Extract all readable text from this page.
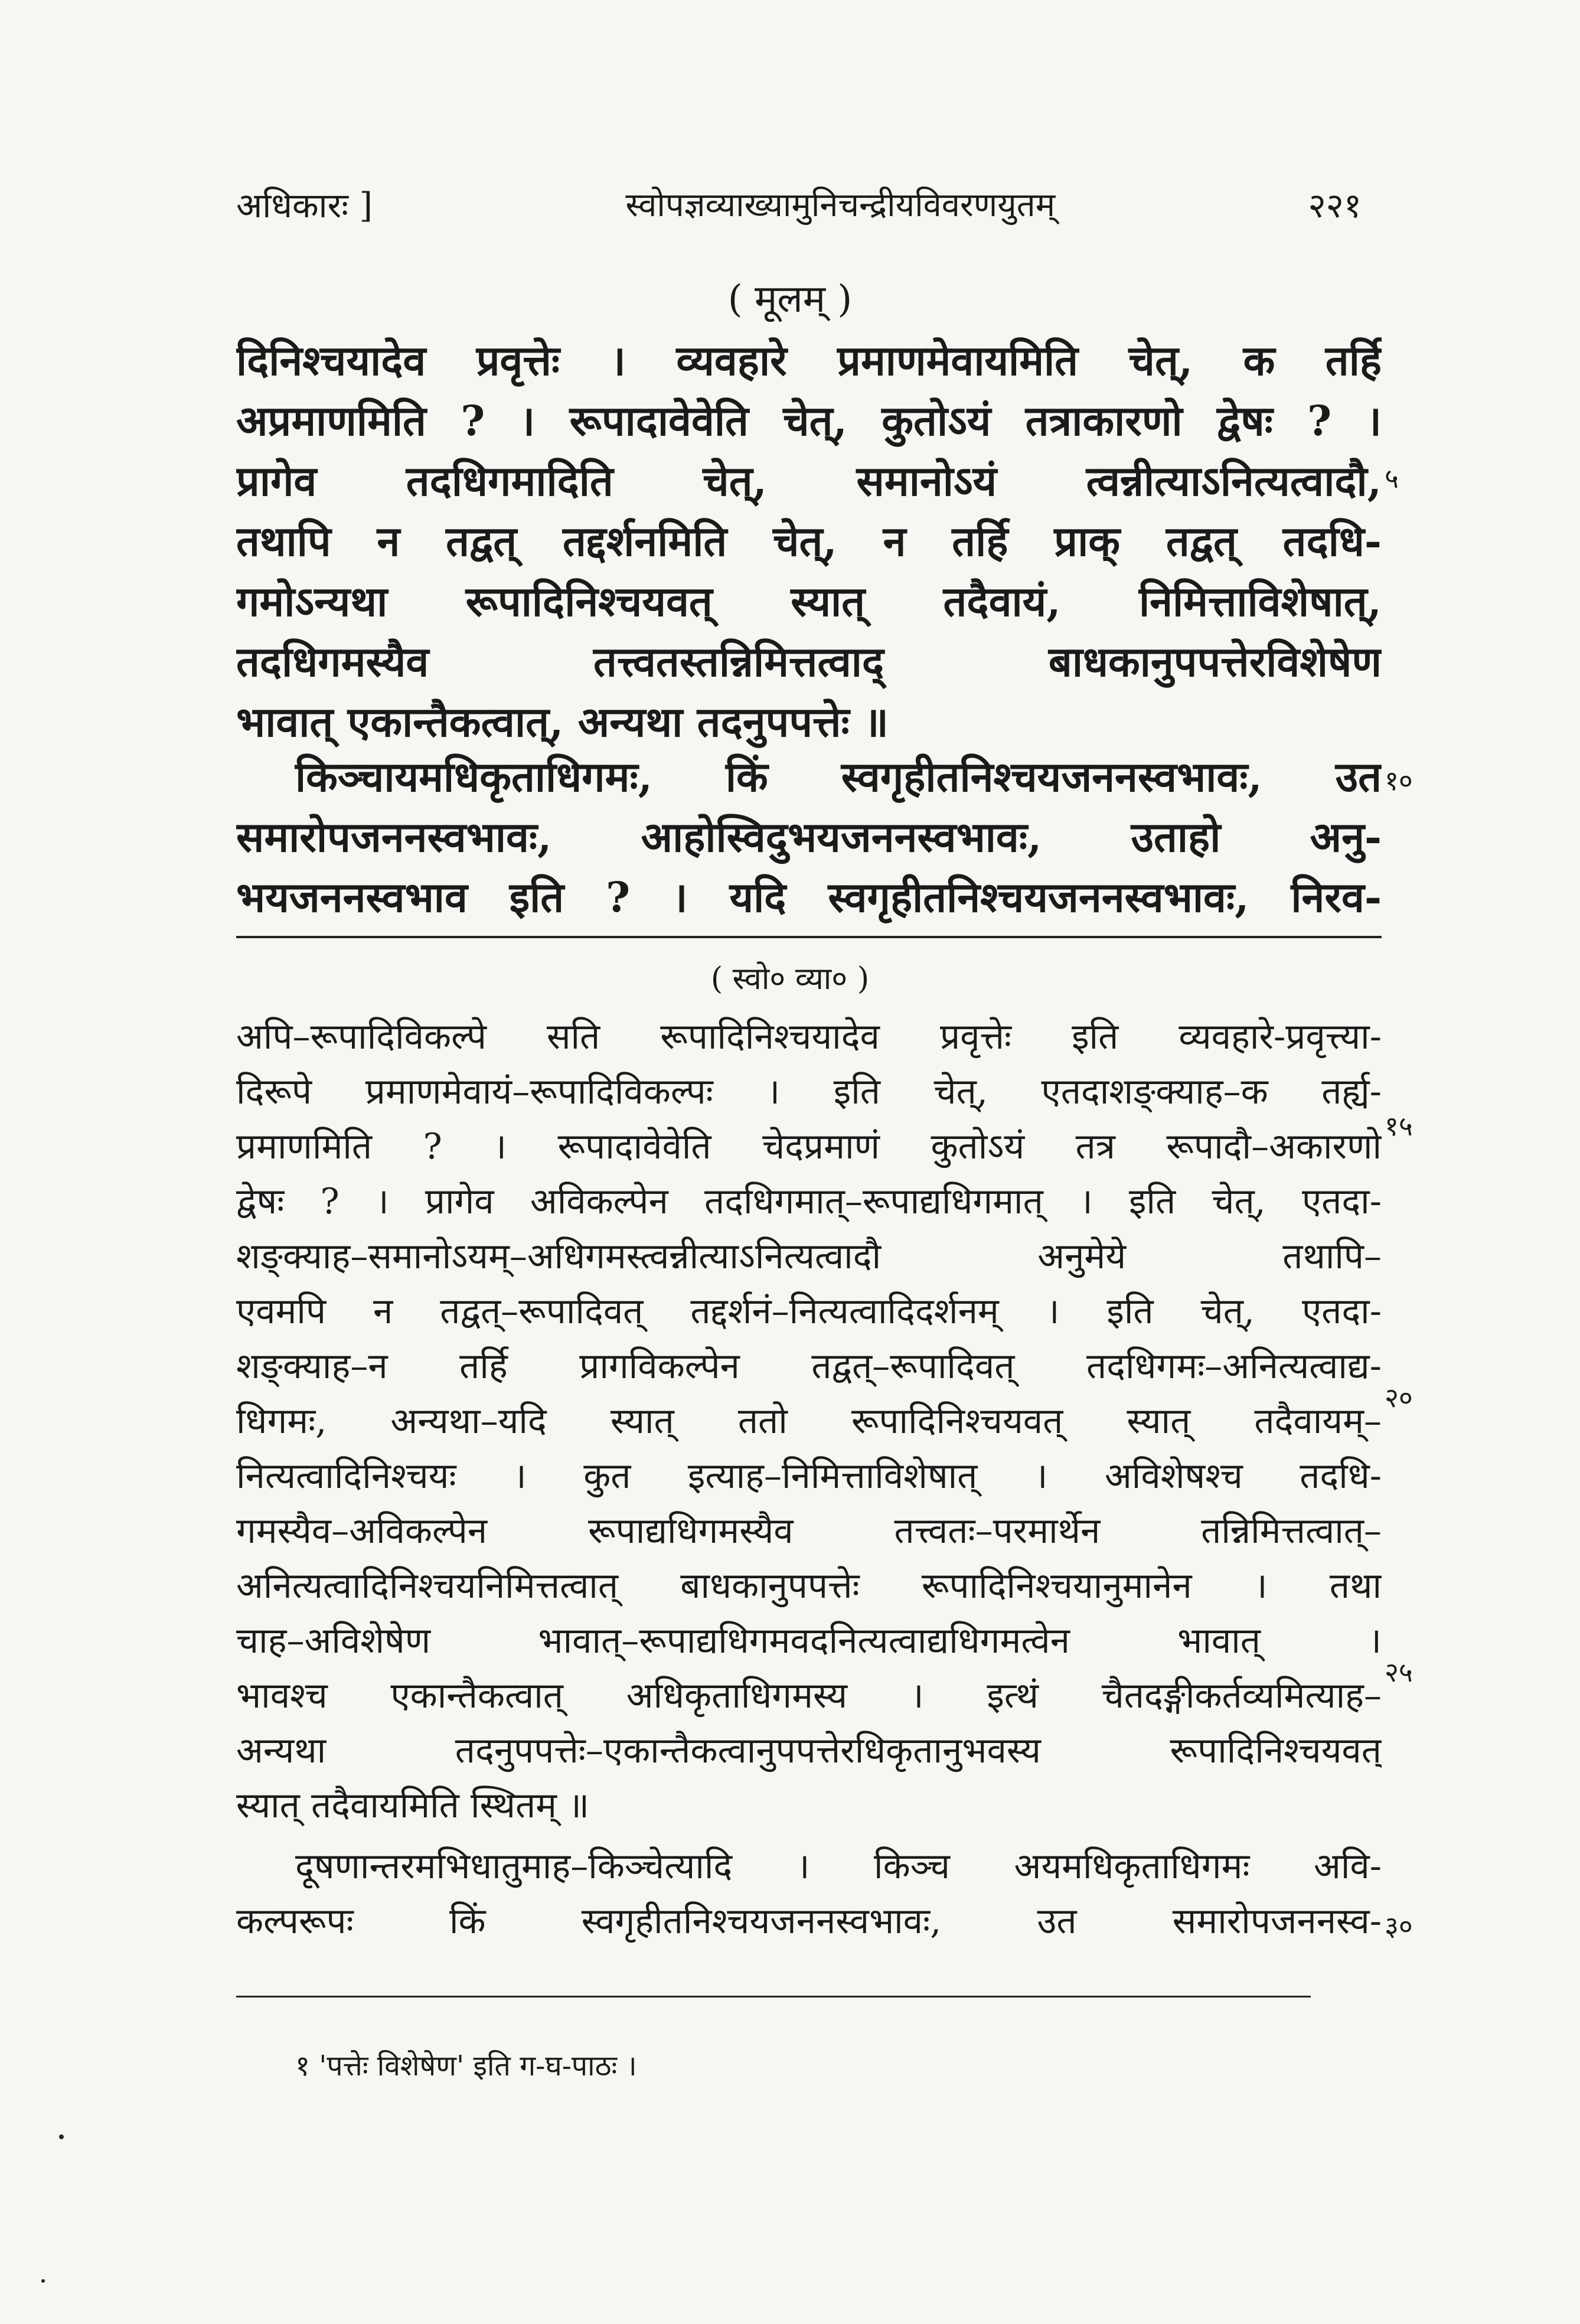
अधिकारः ]	स्वोपज्ञव्याख्यामुनिचन्द्रीयविवरणयुतम्	२२१
( मूलम् )
दिनिश्चयादेव प्रवृत्तेः । व्यवहारे प्रमाणमेवायमिति चेत्, क तर्हि
अप्रमाणमिति ? । रूपादावेवेति चेत्, कुतोऽयं तत्राकारणो द्वेषः ? ।
प्रागेव तदधिगमादिति चेत्, समानोऽयं त्वन्नीत्याऽनित्यत्वादौ,
तथापि न तद्वत् तद्दर्शनमिति चेत्, न तर्हि प्राक् तद्वत् तदधि-
गमोऽन्यथा रूपादिनिश्चयवत् स्यात् तदैवायं, निमित्ताविशेषात्,
तदधिगमस्यैव तत्त्वतस्तन्निमित्तत्वाद् बाधकानुपपत्तेरविशेषेण
भावात् एकान्तैकत्वात्, अन्यथा तदनुपपत्तेः ॥
किञ्चायमधिकृताधिगमः, किं स्वगृहीतनिश्चयजननस्वभावः, उत
समारोपजननस्वभावः, आहोस्विदुभयजननस्वभावः, उताहो अनु-
भयजननस्वभाव इति ? । यदि स्वगृहीतनिश्चयजननस्वभावः, निरव-
५
१०
( स्वो० व्या० )
अपि–रूपादिविकल्पे सति रूपादिनिश्चयादेव प्रवृत्तेः इति व्यवहारे-प्रवृत्त्या-
दिरूपे प्रमाणमेवायं–रूपादिविकल्पः । इति चेत्, एतदाशङ्क्याह–क तर्ह्य-
प्रमाणमिति ? । रूपादावेवेति चेदप्रमाणं कुतोऽयं तत्र रूपादौ–अकारणो
द्वेषः ? । प्रागेव अविकल्पेन तदधिगमात्–रूपाद्यधिगमात् । इति चेत्, एतदा-
शङ्क्याह–समानोऽयम्–अधिगमस्त्वन्नीत्याऽनित्यत्वादौ अनुमेये तथापि–
एवमपि न तद्वत्–रूपादिवत् तद्दर्शनं–नित्यत्वादिदर्शनम् । इति चेत्, एतदा-
शङ्क्याह–न तर्हि प्रागविकल्पेन तद्वत्–रूपादिवत् तदधिगमः–अनित्यत्वाद्य-
धिगमः, अन्यथा–यदि स्यात् ततो रूपादिनिश्चयवत् स्यात् तदैवायम्–
नित्यत्वादिनिश्चयः । कुत इत्याह–निमित्ताविशेषात् । अविशेषश्च तदधि-
गमस्यैव–अविकल्पेन रूपाद्यधिगमस्यैव तत्त्वतः–परमार्थेन तन्निमित्तत्वात्–
अनित्यत्वादिनिश्चयनिमित्तत्वात् बाधकानुपपत्तेः रूपादिनिश्चयानुमानेन । तथा
चाह–अविशेषेण भावात्–रूपाद्यधिगमवदनित्यत्वाद्यधिगमत्वेन भावात् ।
भावश्च एकान्तैकत्वात् अधिकृताधिगमस्य । इत्थं चैतदङ्गीकर्तव्यमित्याह–
अन्यथा तदनुपपत्तेः–एकान्तैकत्वानुपपत्तेरधिकृतानुभवस्य रूपादिनिश्चयवत्
स्यात् तदैवायमिति स्थितम् ॥
दूषणान्तरमभिधातुमाह–किञ्चेत्यादि । किञ्च अयमधिकृताधिगमः अवि-
कल्परूपः किं स्वगृहीतनिश्चयजननस्वभावः, उत समारोपजननस्व-
१५
२०
२५
३०
१ 'पत्तेः विशेषेण' इति ग-घ-पाठः ।
